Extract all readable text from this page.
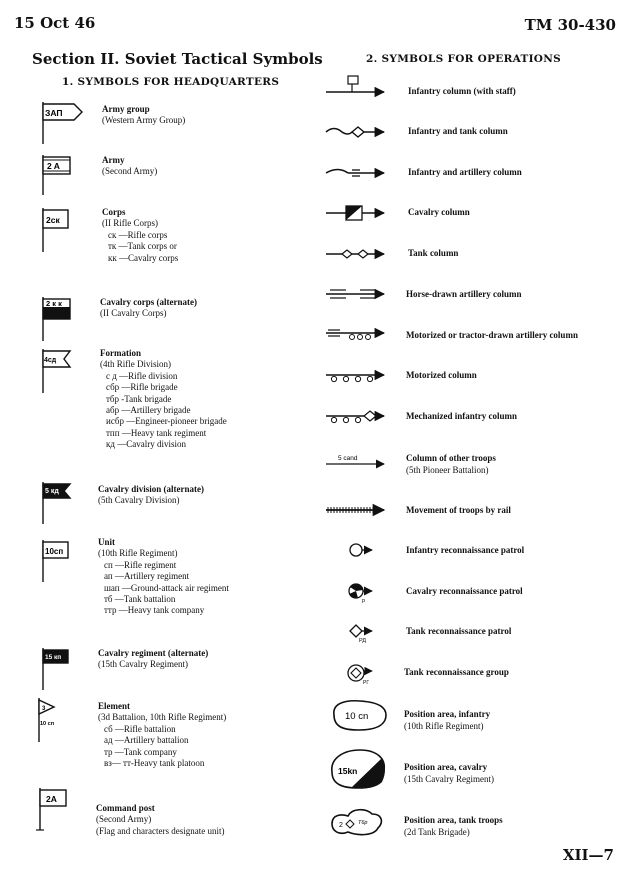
15 Oct 46	TM 30-430
Section II. Soviet Tactical Symbols
1. SYMBOLS FOR HEADQUARTERS
2. SYMBOLS FOR OPERATIONS
ЗАП	Army group
(Western Army Group)
2 A
Army
(Second Army)
2ск
Corps
(II Rifle Corps)
ск —Rifle corps
тк —Tank corps or
кк —Cavalry corps
2 к к	Cavalry corps (alternate)
(II Cavalry Corps)
4сд
Formation
(4th Rifle Division)
с д —Rifle division
сбр —Rifle brigade
тбр -Tank brigade
абр —Artillery brigade
исбр —Engineer-pioneer brigade
тпп —Heavy tank regiment
кд —Cavalry division
5 кд	Cavalry division (alternate)
(5th Cavalry Division)
10сп
Unit
(10th Rifle Regiment)
сп —Rifle regiment
ап —Artillery regiment
шап —Ground-attack air regiment
тб —Tank battalion
ттр —Heavy tank company
15 кп	Cavalry regiment (alternate)
(15th Cavalry Regiment)
3
10 сп
Element
(3d Battalion, 10th Rifle Regiment)
сб —Rifle battalion
ад —Artillery battalion
тр —Tank company
вз— тт-Heavy tank platoon
2A
Command post
(Second Army)
(Flag and characters designate unit)
5 cand
р
РД
РГ
10 cn
15kn
2	Т6р
Infantry column (with staff)
Infantry and tank column
Infantry and artillery column
Cavalry column
Tank column
Horse-drawn artillery column
Motorized or tractor-drawn artillery column
Motorized column
Mechanized infantry column
Column of other troops
(5th Pioneer Battalion)
Movement of troops by rail
Infantry reconnaissance patrol
Cavalry reconnaissance patrol
Tank reconnaissance patrol
Tank reconnaissance group
Position area, infantry
(10th Rifle Regiment)
Position area, cavalry
(15th Cavalry Regiment)
Position area, tank troops
(2d Tank Brigade)
XII—7
